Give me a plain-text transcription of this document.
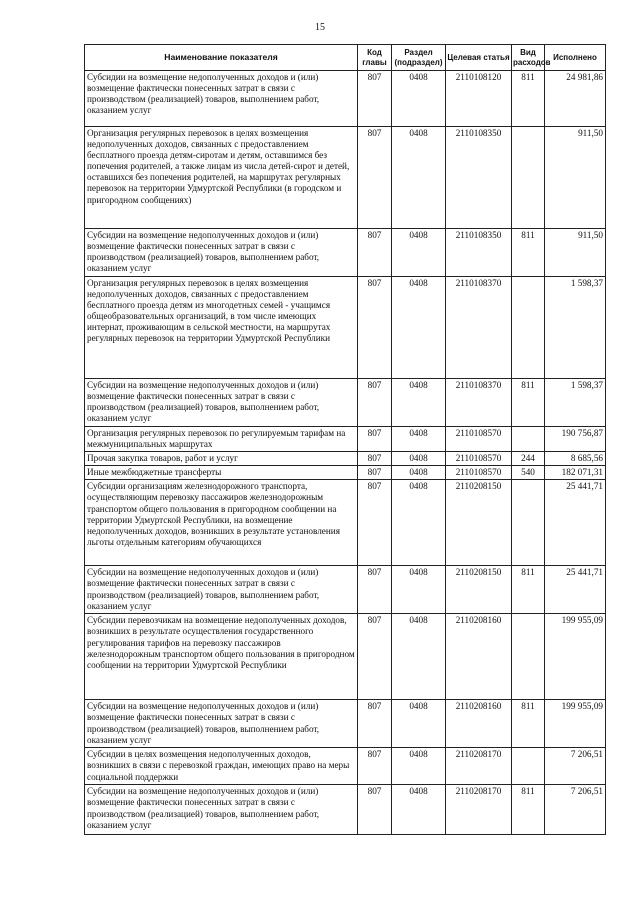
15
Наименование показателя	Код главы	Раздел (подраздел)	Целевая статья	Вид расходов	Исполнено
Субсидии на возмещение недополученных доходов и (или) возмещение фактически понесенных затрат в связи с производством (реализацией) товаров, выполнением работ, оказанием услуг	807	0408	2110108120	811	24 981,86
Организация регулярных перевозок в целях возмещения недополученных доходов, связанных с предоставлением бесплатного проезда детям-сиротам и детям, оставшимся без попечения родителей, а также лицам из числа детей-сирот и детей, оставшихся без попечения родителей, на маршрутах регулярных перевозок на территории Удмуртской Республики (в городском и пригородном сообщениях)	807	0408	2110108350		911,50
Субсидии на возмещение недополученных доходов и (или) возмещение фактически понесенных затрат в связи с производством (реализацией) товаров, выполнением работ, оказанием услуг	807	0408	2110108350	811	911,50
Организация регулярных перевозок в целях возмещения недополученных доходов, связанных с предоставлением бесплатного проезда детям из многодетных семей - учащимся общеобразовательных организаций, в том числе имеющих интернат, проживающим в сельской местности, на маршрутах регулярных перевозок на территории Удмуртской Республики	807	0408	2110108370		1 598,37
Субсидии на возмещение недополученных доходов и (или) возмещение фактически понесенных затрат в связи с производством (реализацией) товаров, выполнением работ, оказанием услуг	807	0408	2110108370	811	1 598,37
Организация регулярных перевозок по регулируемым тарифам на межмуниципальных маршрутах	807	0408	2110108570		190 756,87
Прочая закупка товаров, работ и услуг	807	0408	2110108570	244	8 685,56
Иные межбюджетные трансферты	807	0408	2110108570	540	182 071,31
Субсидии организациям железнодорожного транспорта, осуществляющим перевозку пассажиров железнодорожным транспортом общего пользования в пригородном сообщении на территории Удмуртской Республики, на возмещение недополученных доходов, возникших в результате установления льготы отдельным категориям обучающихся	807	0408	2110208150		25 441,71
Субсидии на возмещение недополученных доходов и (или) возмещение фактически понесенных затрат в связи с производством (реализацией) товаров, выполнением работ, оказанием услуг	807	0408	2110208150	811	25 441,71
Субсидии перевозчикам на возмещение недополученных доходов, возникших в результате осуществления государственного регулирования тарифов на перевозку пассажиров железнодорожным транспортом общего пользования в пригородном сообщении на территории Удмуртской Республики	807	0408	2110208160		199 955,09
Субсидии на возмещение недополученных доходов и (или) возмещение фактически понесенных затрат в связи с производством (реализацией) товаров, выполнением работ, оказанием услуг	807	0408	2110208160	811	199 955,09
Субсидии в целях возмещения недополученных доходов, возникших в связи с перевозкой граждан, имеющих право на меры социальной поддержки	807	0408	2110208170		7 206,51
Субсидии на возмещение недополученных доходов и (или) возмещение фактически понесенных затрат в связи с производством (реализацией) товаров, выполнением работ, оказанием услуг	807	0408	2110208170	811	7 206,51
